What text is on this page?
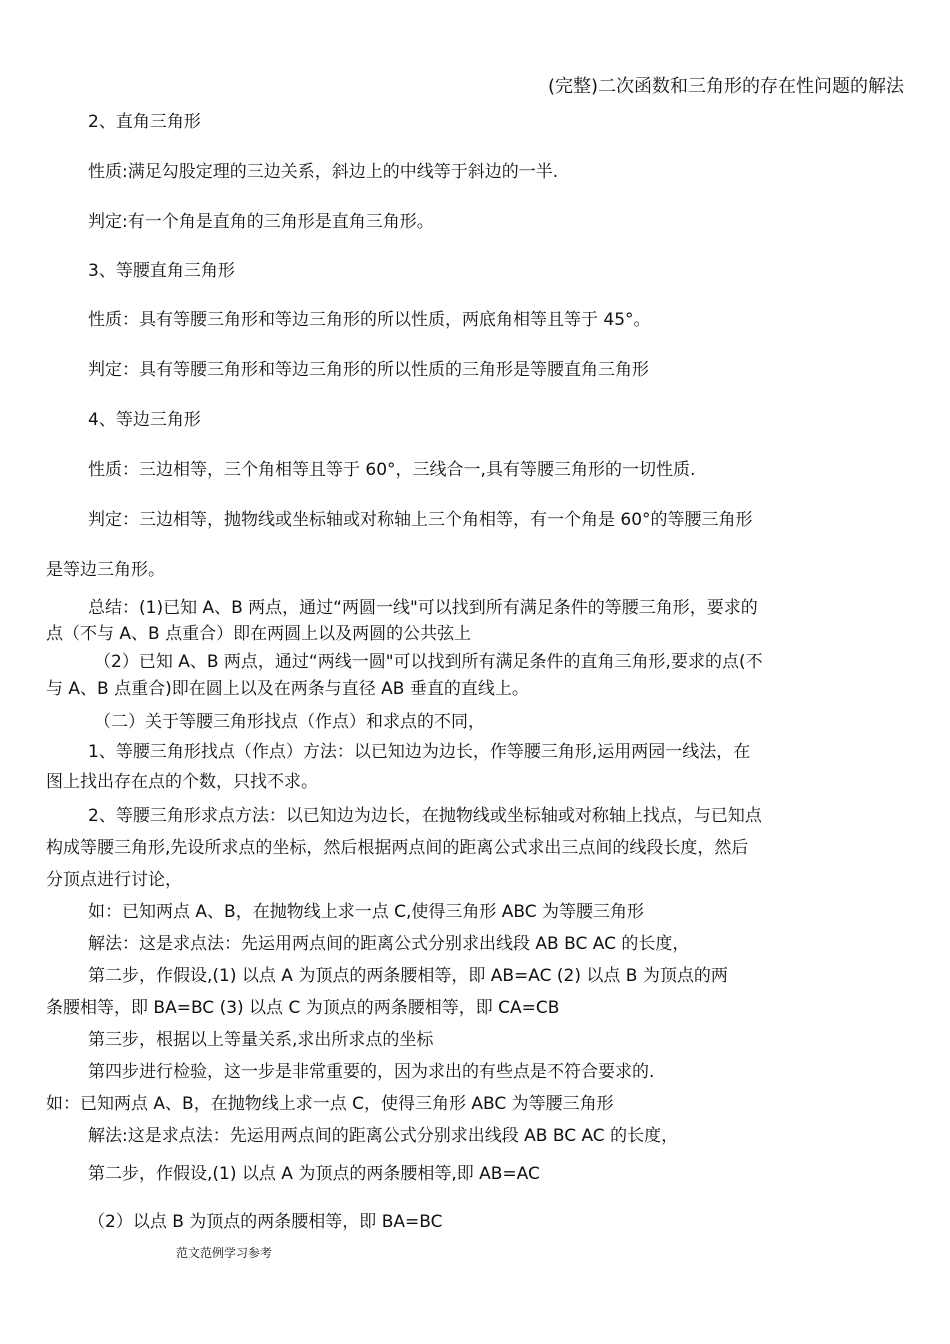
(完整)二次函数和三角形的存在性问题的解法
2、直角三角形
性质:满足勾股定理的三边关系，斜边上的中线等于斜边的一半.
判定:有一个角是直角的三角形是直角三角形。
3、等腰直角三角形
性质：具有等腰三角形和等边三角形的所以性质，两底角相等且等于 45°。
判定：具有等腰三角形和等边三角形的所以性质的三角形是等腰直角三角形
4、等边三角形
性质：三边相等，三个角相等且等于 60°，三线合一,具有等腰三角形的一切性质.
判定：三边相等，抛物线或坐标轴或对称轴上三个角相等，有一个角是 60°的等腰三角形
是等边三角形。
总结：(1)已知 A、B 两点，通过“两圆一线"可以找到所有满足条件的等腰三角形，要求的
点（不与 A、B 点重合）即在两圆上以及两圆的公共弦上
（2）已知 A、B 两点，通过“两线一圆"可以找到所有满足条件的直角三角形,要求的点(不
与 A、B 点重合)即在圆上以及在两条与直径 AB 垂直的直线上。
（二）关于等腰三角形找点（作点）和求点的不同，
1、等腰三角形找点（作点）方法：以已知边为边长，作等腰三角形,运用两园一线法，在
图上找出存在点的个数，只找不求。
2、等腰三角形求点方法：以已知边为边长，在抛物线或坐标轴或对称轴上找点，与已知点
构成等腰三角形,先设所求点的坐标，然后根据两点间的距离公式求出三点间的线段长度，然后
分顶点进行讨论，
如：已知两点 A、B，在抛物线上求一点 C,使得三角形 ABC 为等腰三角形
解法：这是求点法：先运用两点间的距离公式分别求出线段 AB BC AC 的长度，
第二步，作假设,(1) 以点 A 为顶点的两条腰相等，即 AB=AC (2) 以点 B 为顶点的两
条腰相等，即 BA=BC (3) 以点 C 为顶点的两条腰相等，即 CA=CB
第三步，根据以上等量关系,求出所求点的坐标
第四步进行检验，这一步是非常重要的，因为求出的有些点是不符合要求的.
如：已知两点 A、B，在抛物线上求一点 C，使得三角形 ABC 为等腰三角形
解法:这是求点法：先运用两点间的距离公式分别求出线段 AB BC AC 的长度，
第二步，作假设,(1) 以点 A 为顶点的两条腰相等,即 AB=AC
（2）以点 B 为顶点的两条腰相等，即 BA=BC
范文范例学习参考
